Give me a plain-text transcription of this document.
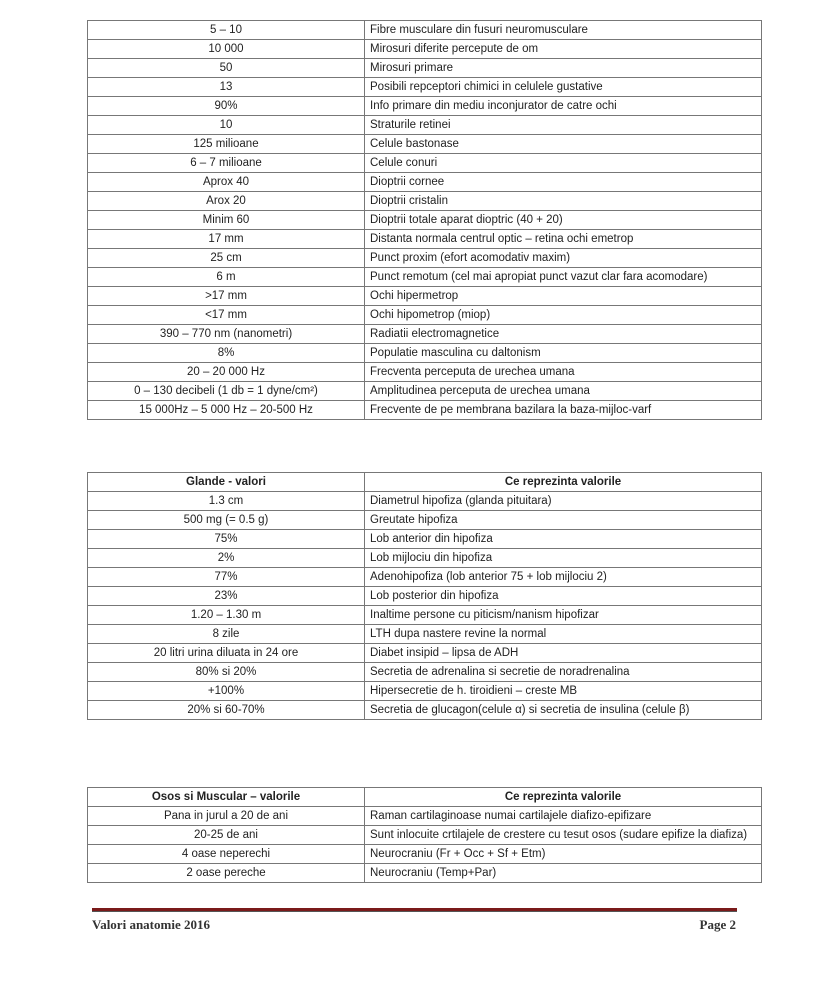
5 – 10	Fibre musculare din fusuri neuromusculare
10 000	Mirosuri diferite percepute de om
50	Mirosuri primare
13	Posibili repceptori chimici in celulele gustative
90%	Info primare din mediu inconjurator de catre ochi
10	Straturile retinei
125 milioane	Celule bastonase
6 – 7 milioane	Celule conuri
Aprox 40	Dioptrii cornee
Arox 20	Dioptrii cristalin
Minim 60	Dioptrii totale aparat dioptric (40 + 20)
17 mm	Distanta normala centrul optic – retina ochi emetrop
25 cm	Punct proxim (efort acomodativ maxim)
6 m	Punct remotum (cel mai apropiat punct vazut clar fara acomodare)
>17 mm	Ochi hipermetrop
<17 mm	Ochi hipometrop (miop)
390 – 770 nm (nanometri)	Radiatii electromagnetice
8%	Populatie masculina cu daltonism
20 – 20 000 Hz	Frecventa perceputa de urechea umana
0 – 130 decibeli (1 db = 1 dyne/cm²)	Amplitudinea perceputa de urechea umana
15 000Hz – 5 000 Hz – 20-500 Hz	Frecvente de pe membrana bazilara la baza-mijloc-varf
Glande - valori	Ce reprezinta valorile
1.3 cm	Diametrul hipofiza (glanda pituitara)
500 mg (= 0.5 g)	Greutate hipofiza
75%	Lob anterior din hipofiza
2%	Lob mijlociu din hipofiza
77%	Adenohipofiza (lob anterior 75 + lob mijlociu 2)
23%	Lob posterior din hipofiza
1.20 – 1.30 m	Inaltime persone cu piticism/nanism hipofizar
8 zile	LTH dupa nastere revine la normal
20 litri urina diluata in 24 ore	Diabet insipid – lipsa de ADH
80% si 20%	Secretia de adrenalina si secretie de noradrenalina
+100%	Hipersecretie de h. tiroidieni – creste MB
20% si 60-70%	Secretia de glucagon(celule α) si secretia de insulina (celule β)
Osos si Muscular – valorile	Ce reprezinta valorile
Pana in jurul a 20 de ani	Raman cartilaginoase numai cartilajele diafizo-epifizare
20-25 de ani	Sunt inlocuite crtilajele de crestere cu tesut osos (sudare epifize la diafiza)
4 oase neperechi	Neurocraniu (Fr + Occ + Sf + Etm)
2 oase pereche	Neurocraniu (Temp+Par)
Valori anatomie 2016	Page 2
